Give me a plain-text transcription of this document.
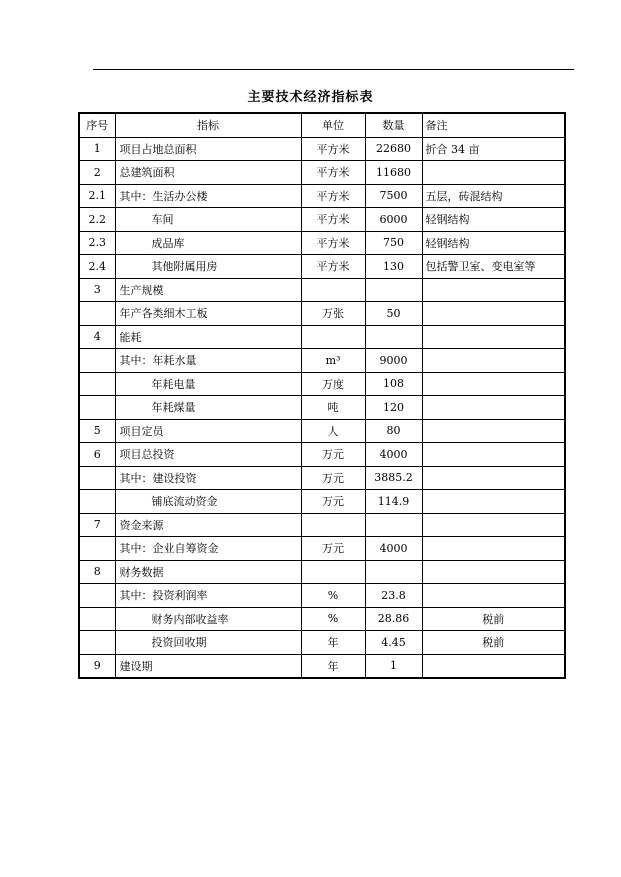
主要技术经济指标表
序号	指标	单位	数量	备注
1	项目占地总面积	平方米	22680	折合 34 亩
2	总建筑面积	平方米	11680	
2.1	其中：生活办公楼	平方米	7500	五层，砖混结构
2.2	车间	平方米	6000	轻钢结构
2.3	成品库	平方米	750	轻钢结构
2.4	其他附属用房	平方米	130	包括警卫室、变电室等
3	生产规模			
	年产各类细木工板	万张	50	
4	能耗			
	其中：年耗水量	m³	9000	
	年耗电量	万度	108	
	年耗煤量	吨	120	
5	项目定员	人	80	
6	项目总投资	万元	4000	
	其中：建设投资	万元	3885.2	
	铺底流动资金	万元	114.9	
7	资金来源			
	其中：企业自筹资金	万元	4000	
8	财务数据			
	其中：投资利润率	%	23.8	
	财务内部收益率	%	28.86	税前
	投资回收期	年	4.45	税前
9	建设期	年	1	
